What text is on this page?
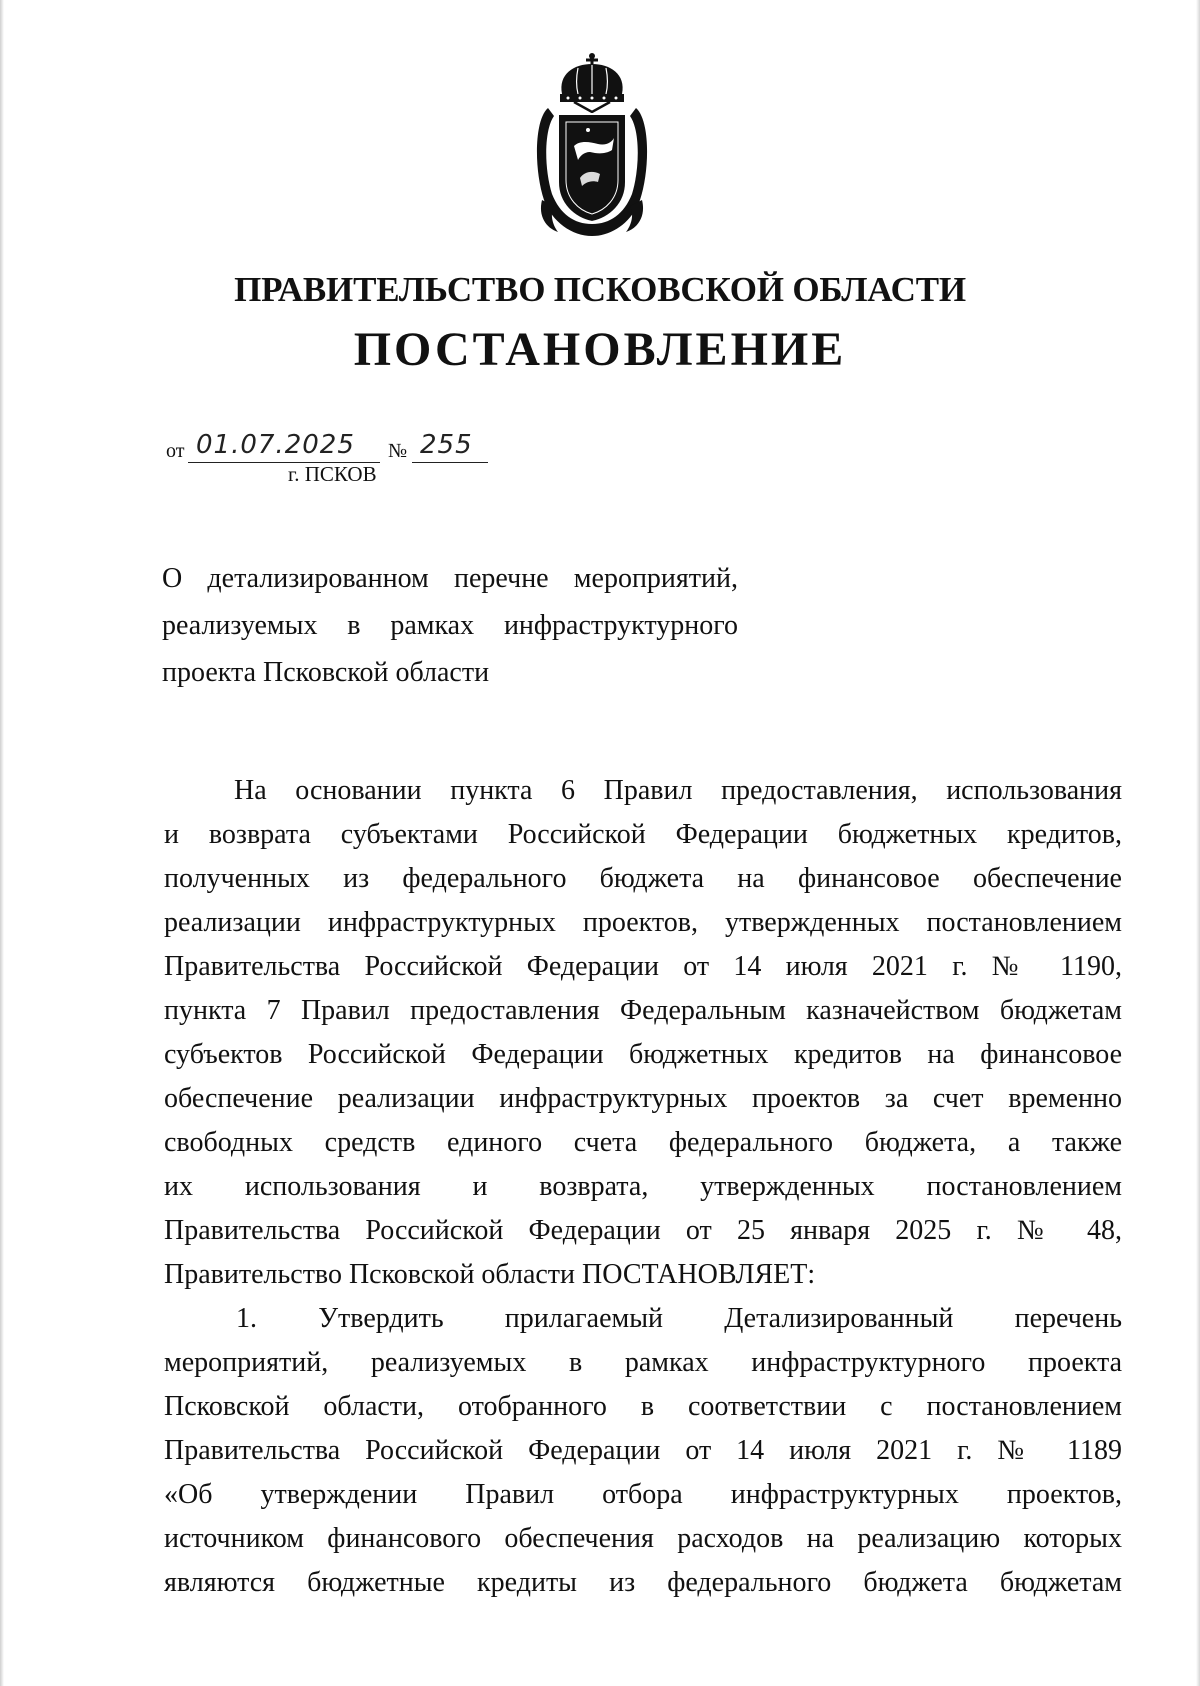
ПРАВИТЕЛЬСТВО ПСКОВСКОЙ ОБЛАСТИ
ПОСТАНОВЛЕНИЕ
от 01.07.2025 № 255
г. ПСКОВ
О детализированном перечне мероприятий,
реализуемых в рамках инфраструктурного
проекта Псковской области
На основании пункта 6 Правил предоставления, использования
и возврата субъектами Российской Федерации бюджетных кредитов,
полученных из федерального бюджета на финансовое обеспечение
реализации инфраструктурных проектов, утвержденных постановлением
Правительства Российской Федерации от 14 июля 2021 г. № 1190,
пункта 7 Правил предоставления Федеральным казначейством бюджетам
субъектов Российской Федерации бюджетных кредитов на финансовое
обеспечение реализации инфраструктурных проектов за счет временно
свободных средств единого счета федерального бюджета, а также
их использования и возврата, утвержденных постановлением
Правительства Российской Федерации от 25 января 2025 г. № 48,
Правительство Псковской области ПОСТАНОВЛЯЕТ:
1. Утвердить прилагаемый Детализированный перечень
мероприятий, реализуемых в рамках инфраструктурного проекта
Псковской области, отобранного в соответствии с постановлением
Правительства Российской Федерации от 14 июля 2021 г. № 1189
«Об утверждении Правил отбора инфраструктурных проектов,
источником финансового обеспечения расходов на реализацию которых
являются бюджетные кредиты из федерального бюджета бюджетам
